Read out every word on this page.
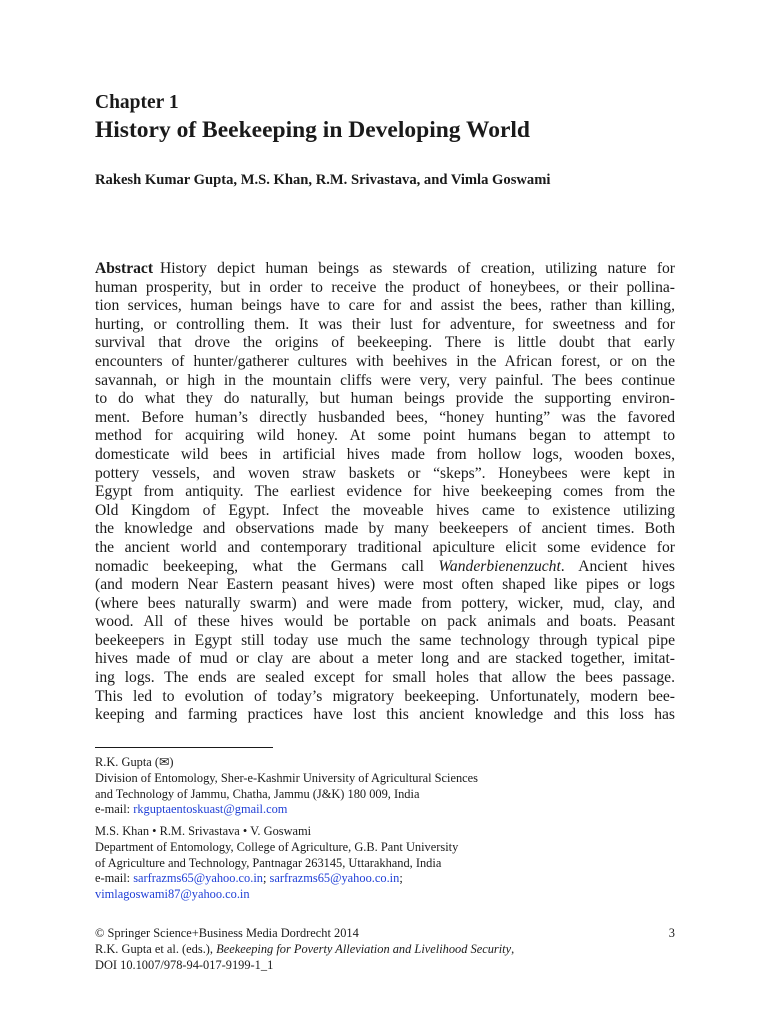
Chapter 1

History of Beekeeping in Developing World

Rakesh Kumar Gupta, M.S. Khan, R.M. Srivastava, and Vimla Goswami

Abstract History depict human beings as stewards of creation, utilizing nature for
human prosperity, but in order to receive the product of honeybees, or their pollina-
tion services, human beings have to care for and assist the bees, rather than killing,
hurting, or controlling them. It was their lust for adventure, for sweetness and for
survival that drove the origins of beekeeping. There is little doubt that early
encounters of hunter/gatherer cultures with beehives in the African forest, or on the
savannah, or high in the mountain cliffs were very, very painful. The bees continue
to do what they do naturally, but human beings provide the supporting environ-
ment. Before human’s directly husbanded bees, “honey hunting” was the favored
method for acquiring wild honey. At some point humans began to attempt to
domesticate wild bees in artificial hives made from hollow logs, wooden boxes,
pottery vessels, and woven straw baskets or “skeps”. Honeybees were kept in
Egypt from antiquity. The earliest evidence for hive beekeeping comes from the
Old Kingdom of Egypt. Infect the moveable hives came to existence utilizing
the knowledge and observations made by many beekeepers of ancient times. Both
the ancient world and contemporary traditional apiculture elicit some evidence for
nomadic beekeeping, what the Germans call Wanderbienenzucht. Ancient hives
(and modern Near Eastern peasant hives) were most often shaped like pipes or logs
(where bees naturally swarm) and were made from pottery, wicker, mud, clay, and
wood. All of these hives would be portable on pack animals and boats. Peasant
beekeepers in Egypt still today use much the same technology through typical pipe
hives made of mud or clay are about a meter long and are stacked together, imitat-
ing logs. The ends are sealed except for small holes that allow the bees passage.
This led to evolution of today’s migratory beekeeping. Unfortunately, modern bee-
keeping and farming practices have lost this ancient knowledge and this loss has
R.K. Gupta (✉)
Division of Entomology, Sher-e-Kashmir University of Agricultural Sciences
and Technology of Jammu, Chatha, Jammu (J&K) 180 009, India
e-mail: rkguptaentoskuast@gmail.com
M.S. Khan • R.M. Srivastava • V. Goswami
Department of Entomology, College of Agriculture, G.B. Pant University
of Agriculture and Technology, Pantnagar 263145, Uttarakhand, India
e-mail: sarfrazms65@yahoo.co.in; sarfrazms65@yahoo.co.in;
vimlagoswami87@yahoo.co.in
3
© Springer Science+Business Media Dordrecht 2014
R.K. Gupta et al. (eds.), Beekeeping for Poverty Alleviation and Livelihood Security,
DOI 10.1007/978-94-017-9199-1_1
